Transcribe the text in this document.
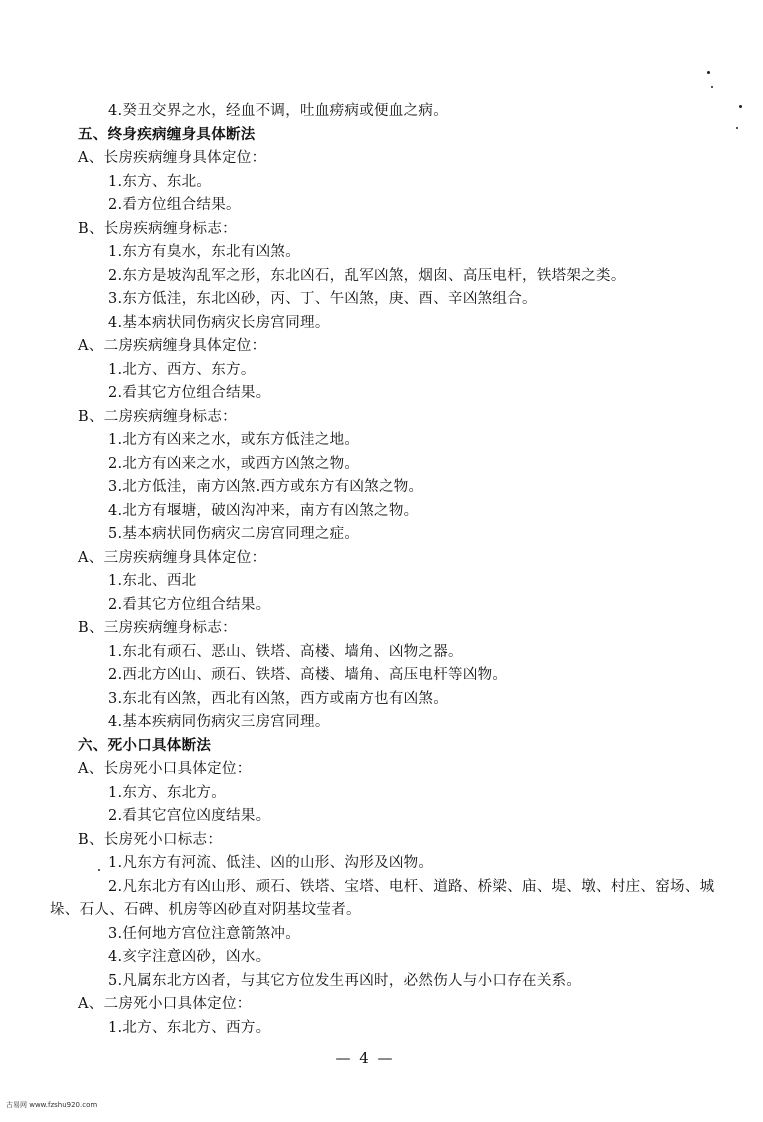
4.癸丑交界之水，经血不调，吐血痨病或便血之病。
五、终身疾病缠身具体断法
A、长房疾病缠身具体定位：
1.东方、东北。
2.看方位组合结果。
B、长房疾病缠身标志：
1.东方有臭水，东北有凶煞。
2.东方是坡沟乱军之形，东北凶石，乱军凶煞，烟囱、高压电杆，铁塔架之类。
3.东方低洼，东北凶砂，丙、丁、午凶煞，庚、酉、辛凶煞组合。
4.基本病状同伤病灾长房宫同理。
A、二房疾病缠身具体定位：
1.北方、西方、东方。
2.看其它方位组合结果。
B、二房疾病缠身标志：
1.北方有凶来之水，或东方低洼之地。
2.北方有凶来之水，或西方凶煞之物。
3.北方低洼，南方凶煞.西方或东方有凶煞之物。
4.北方有堰塘，破凶沟冲来，南方有凶煞之物。
5.基本病状同伤病灾二房宫同理之症。
A、三房疾病缠身具体定位：
1.东北、西北
2.看其它方位组合结果。
B、三房疾病缠身标志：
1.东北有顽石、恶山、铁塔、高楼、墙角、凶物之器。
2.西北方凶山、顽石、铁塔、高楼、墙角、高压电杆等凶物。
3.东北有凶煞，西北有凶煞，西方或南方也有凶煞。
4.基本疾病同伤病灾三房宫同理。
六、死小口具体断法
A、长房死小口具体定位：
1.东方、东北方。
2.看其它宫位凶度结果。
B、长房死小口标志：
1.凡东方有河流、低洼、凶的山形、沟形及凶物。
2.凡东北方有凶山形、顽石、铁塔、宝塔、电杆、道路、桥梁、庙、堤、墩、村庄、窑场、城
垛、石人、石碑、机房等凶砂直对阴基坟莹者。
3.任何地方宫位注意箭煞冲。
4.亥字注意凶砂，凶水。
5.凡属东北方凶者，与其它方位发生再凶时，必然伤人与小口存在关系。
A、二房死小口具体定位：
1.北方、东北方、西方。
— 4 —
古易网 www.fzshu920.com
